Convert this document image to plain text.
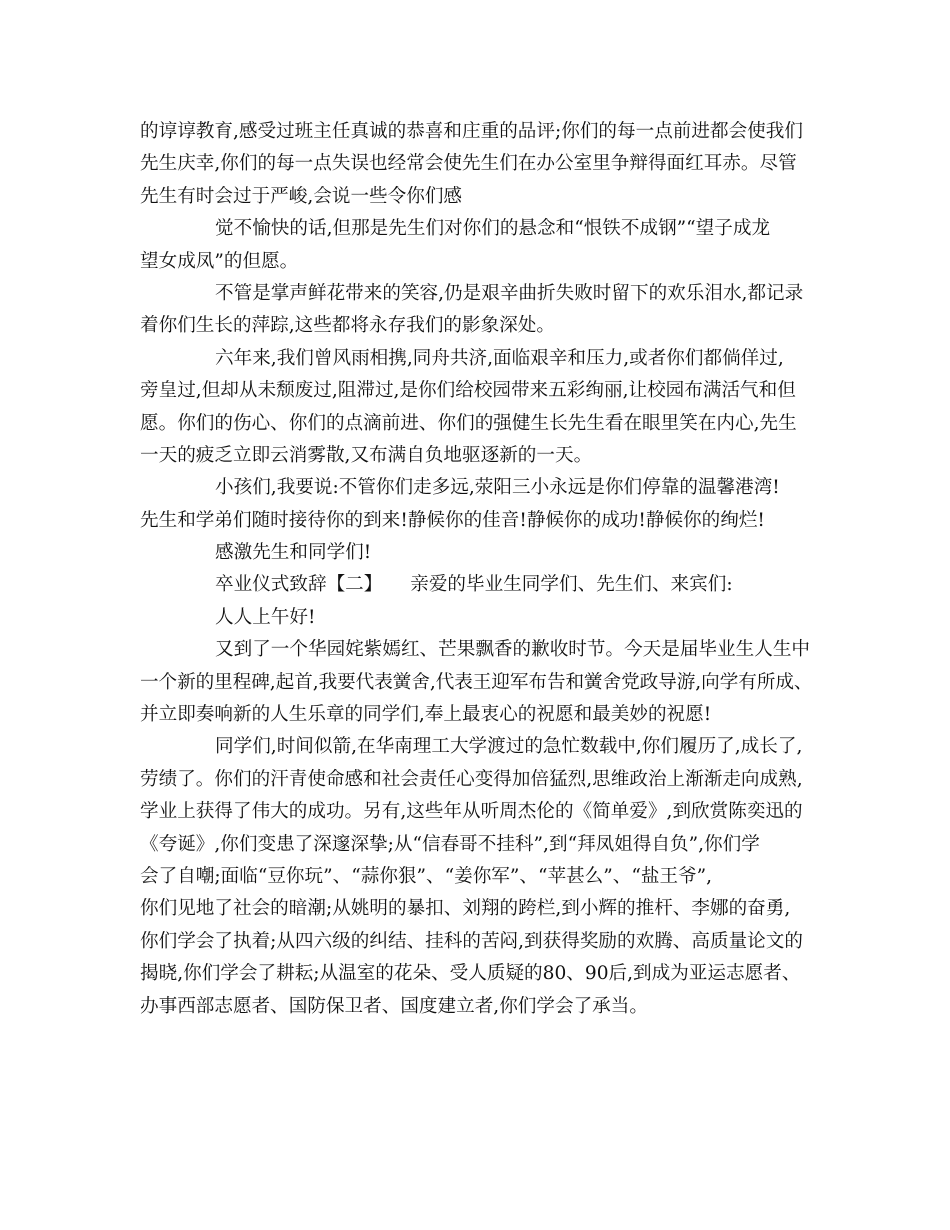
的谆谆教育,感受过班主任真诚的恭喜和庄重的品评;你们的每一点前进都会使我们
先生庆幸,你们的每一点失误也经常会使先生们在办公室里争辩得面红耳赤。尽管
先生有时会过于严峻,会说一些令你们感
觉不愉快的话,但那是先生们对你们的悬念和“恨铁不成钢”“望子成龙
望女成凤”的但愿。
不管是掌声鲜花带来的笑容,仍是艰辛曲折失败时留下的欢乐泪水,都记录
着你们生长的萍踪,这些都将永存我们的影象深处。
六年来,我们曾风雨相携,同舟共济,面临艰辛和压力,或者你们都倘佯过,
旁皇过,但却从未颓废过,阻滞过,是你们给校园带来五彩绚丽,让校园布满活气和但
愿。你们的伤心、你们的点滴前进、你们的强健生长先生看在眼里笑在内心,先生
一天的疲乏立即云消雾散,又布满自负地驱逐新的一天。
小孩们,我要说:不管你们走多远,荥阳三小永远是你们停靠的温馨港湾!
先生和学弟们随时接待你的到来!静候你的佳音!静候你的成功!静候你的绚烂!
感激先生和同学们!
卒业仪式致辞【二】　　亲爱的毕业生同学们、先生们、来宾们:
人人上午好!
又到了一个华园姹紫嫣红、芒果飘香的歉收时节。今天是届毕业生人生中
一个新的里程碑,起首,我要代表黉舍,代表王迎军布告和黉舍党政导游,向学有所成、
并立即奏响新的人生乐章的同学们,奉上最衷心的祝愿和最美妙的祝愿!
同学们,时间似箭,在华南理工大学渡过的急忙数载中,你们履历了,成长了,
劳绩了。你们的汗青使命感和社会责任心变得加倍猛烈,思维政治上渐渐走向成熟,
学业上获得了伟大的成功。另有,这些年从听周杰伦的《简单爱》,到欣赏陈奕迅的
《夸诞》,你们变患了深邃深挚;从“信春哥不挂科”,到“拜凤姐得自负”,你们学
会了自嘲;面临“豆你玩”、“蒜你狠”、“姜你军”、“苹甚么”、“盐王爷”,
你们见地了社会的暗潮;从姚明的暴扣、刘翔的跨栏,到小辉的推杆、李娜的奋勇,
你们学会了执着;从四六级的纠结、挂科的苦闷,到获得奖励的欢腾、高质量论文的
揭晓,你们学会了耕耘;从温室的花朵、受人质疑的80、90后,到成为亚运志愿者、
办事西部志愿者、国防保卫者、国度建立者,你们学会了承当。
